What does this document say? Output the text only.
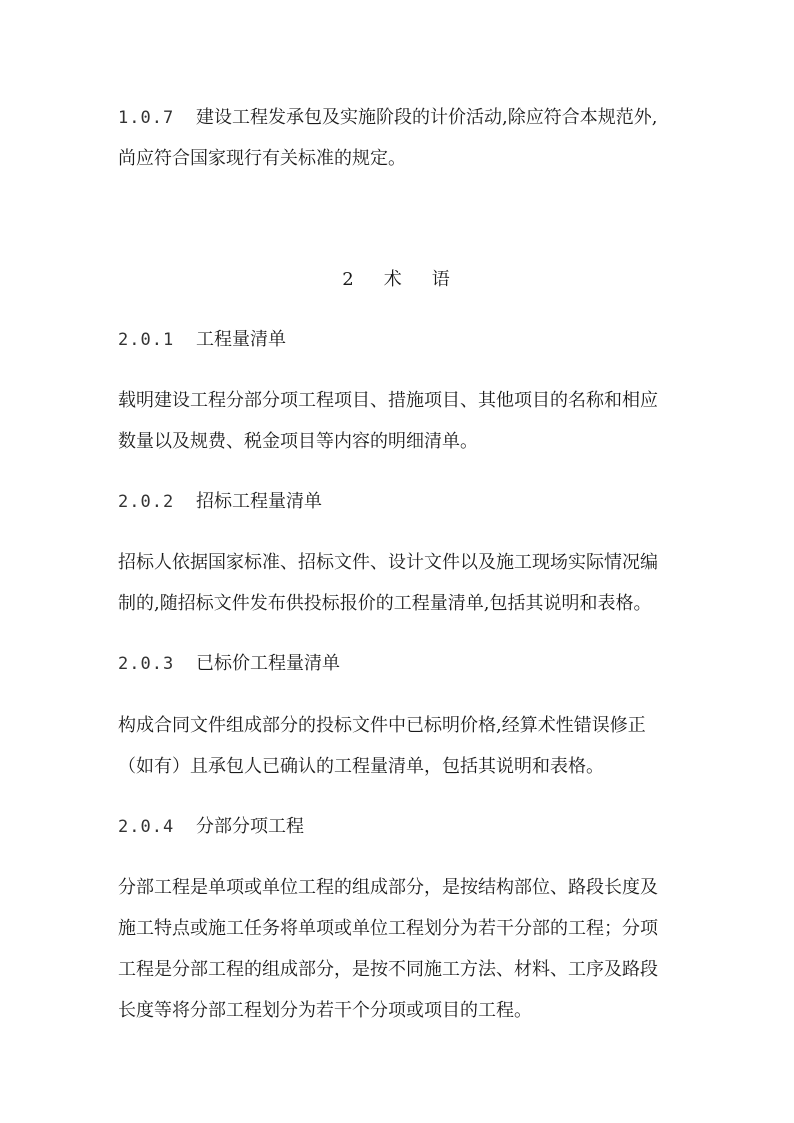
1.0.7 建设工程发承包及实施阶段的计价活动,除应符合本规范外,

尚应符合国家现行有关标准的规定。

2 术 语

2.0.1 工程量清单

载明建设工程分部分项工程项目、措施项目、其他项目的名称和相应

数量以及规费、税金项目等内容的明细清单。

2.0.2 招标工程量清单

招标人依据国家标准、招标文件、设计文件以及施工现场实际情况编

制的,随招标文件发布供投标报价的工程量清单,包括其说明和表格。

2.0.3 已标价工程量清单

构成合同文件组成部分的投标文件中已标明价格,经算术性错误修正

（如有）且承包人已确认的工程量清单，包括其说明和表格。

2.0.4 分部分项工程

分部工程是单项或单位工程的组成部分，是按结构部位、路段长度及

施工特点或施工任务将单项或单位工程划分为若干分部的工程；分项

工程是分部工程的组成部分，是按不同施工方法、材料、工序及路段

长度等将分部工程划分为若干个分项或项目的工程。
